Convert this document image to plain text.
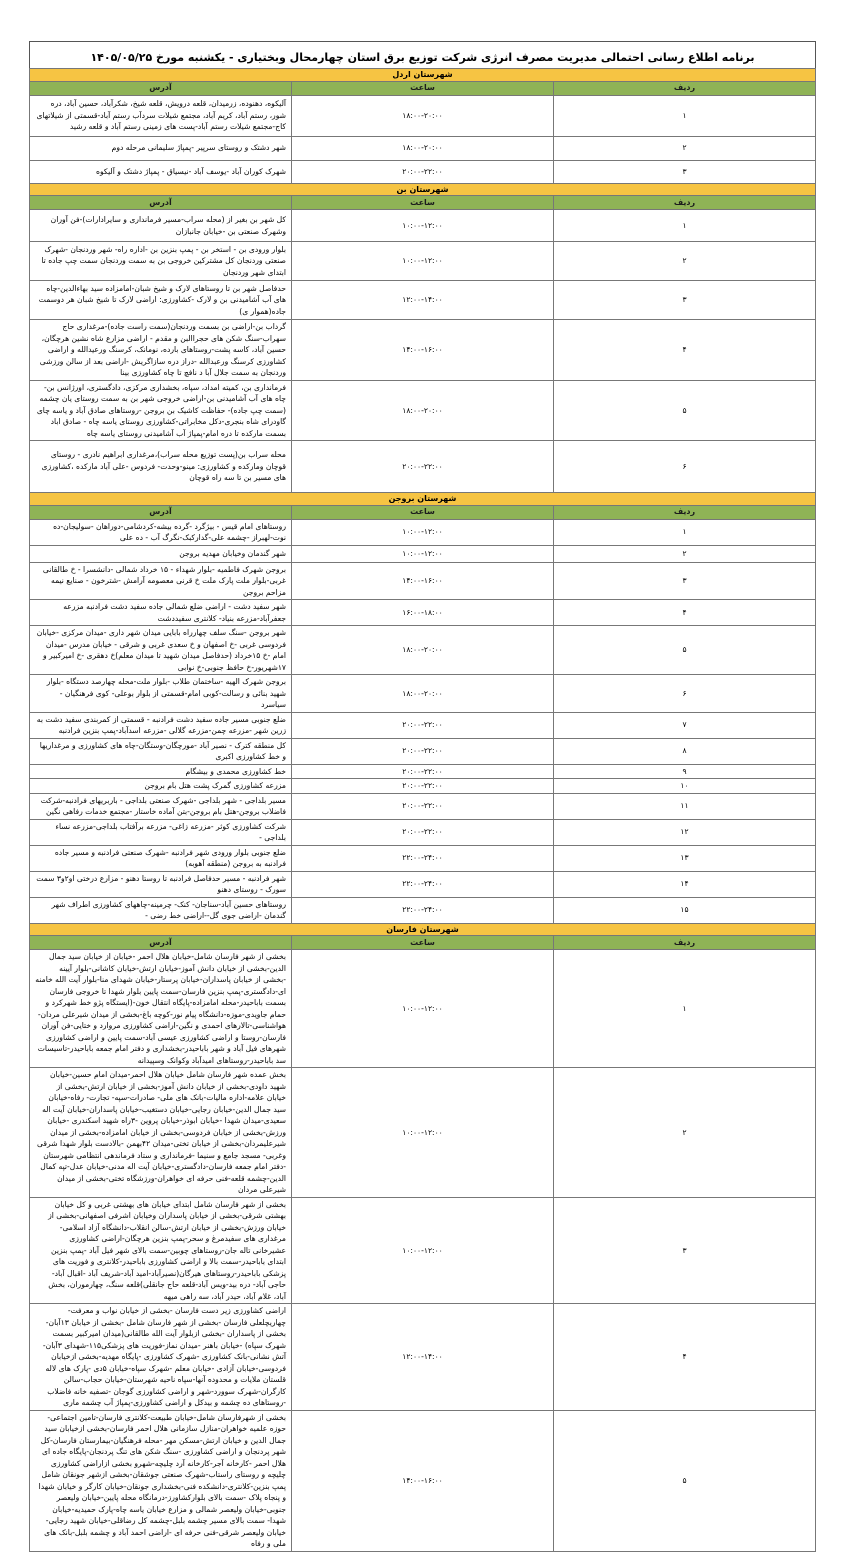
برنامه اطلاع رسانی احتمالی مدیریت مصرف انرژی شرکت توزیع برق استان چهارمحال وبختیاری - یکشنبه مورخ ۱۴۰۵/۰۵/۲۵
شهرستان اردل		
ردیف	ساعت	آدرس
۱	۱۸:۰۰-۲۰:۰۰	آلیکوه، دهنوده، زرمیدان، قلعه درویش، قلعه شیخ، شکرآباد، حسین آباد، دره شور، رستم آباد، کریم آباد، مجتمع شیلات سردآب رستم آباد-قسمتی از شیلاتهای کاج-مجتمع شیلات رستم آباد-پست های زمینی رستم آباد و قلعه رشید
۲	۱۸:۰۰-۲۰:۰۰	شهر دشتک و روستای سرپیر -پمپاژ سلیمانی مرحله دوم
۳	۲۰:۰۰-۲۲:۰۰	شهرک کوران آباد -یوسف آباد -نیسیاق - پمپاژ دشتک و آلیکوه
شهرستان بن		
ردیف	ساعت	آدرس
۱	۱۰:۰۰-۱۲:۰۰	کل شهر بن بغیر از (محله سراب-مسیر فرمانداری و سایرادارات)-فن آوران وشهرک صنعتی بن -خیابان جانبازان
۲	۱۰:۰۰-۱۲:۰۰	بلوار ورودی بن - استخر بن - پمپ بنزین بن -اداره راه- شهر وردنجان -شهرک صنعتی وردنجان کل مشترکین خروجی بن به سمت وردنجان سمت چپ جاده تا ابتدای شهر وردنجان
۳	۱۲:۰۰-۱۴:۰۰	حدفاصل شهر بن تا روستاهای لارک و شیخ شبان-امامزاده سید بهاءالدین-چاه های آب آشامیدنی بن و لارک -کشاورزی: اراضی لارک تا شیخ شبان هر دوسمت جاده(هموار ی)
۴	۱۴:۰۰-۱۶:۰۰	گرداب بن-اراضی بن بسمت وردنجان(سمت راست جاده)-مرغداری حاج سهراب-سنگ شکن های حجراالبن و مقدم - اراضی مزارع شاه نشین هرچگان، حسین آباد، کاسه پشت-روستاهای بارده، نومانک، کرسنگ ورعیدالله و اراضی کشاورزی کرسنگ ورعبدالله -دراز دره سازاگریش -اراضی بعد از سالن ورزشی وردنجان به سمت جلال آبا د نافچ تا چاه کشاورزی بینا
۵	۱۸:۰۰-۲۰:۰۰	فرمانداری بن، کمیته امداد، سپاه، بخشداری مرکزی، دادگستری، اورژانس بن- چاه های آب آشامیدنی بن-اراضی خروجی شهر بن به سمت روستای یان چشمه (سمت چپ جاده)- حفاظت کاشیک بن بروجن -روستاهای صادق آباد و یاسه چای گاودرای شاه بنجری-دکل مخابراتی-کشاورزی روستای یاسه چاه - صادق اباد بسمت مارکده تا دره امام-پمپاژ آب آشامیدنی روستای یاسه چاه
۶	۲۰:۰۰-۲۲:۰۰	محله سراب بن(پست توزیع محله سراب)،مرغداری ابراهیم نادری - روستای قوچان ومارکده و کشاورزی: مینو-وحدت- فردوس -علی آباد مارکده ،کشاورزی های مسیر بن تا سه راه قوچان
شهرستان بروجن		
ردیف	ساعت	آدرس
۱	۱۰:۰۰-۱۲:۰۰	روستاهای امام قیس - بیژگرد -گرده بیشه-کردشامی-دوراهان -سولیجان-ده نوت-لهبراز -چشمه علی-گدارکبک-نگرگ آب - ده علی
۲	۱۰:۰۰-۱۲:۰۰	شهر گندمان وخیابان مهدیه بروجن
۳	۱۴:۰۰-۱۶:۰۰	بروجن شهرک فاطمیه -بلوار شهداء - ۱۵ خرداد شمالی -دانشسرا - خ طالقانی غربی-بلوار ملت پارک ملت خ قرنی معصومه آرامش -شترخون - صنایع نیمه مزاحم بروجن
۴	۱۶:۰۰-۱۸:۰۰	شهر سفید دشت - اراضی ضلع شمالی جاده سفید دشت فرادنبه مزرعه جعفرآباد-مزرعه بنیاد- کلانتری سفیددشت
۵	۱۸:۰۰-۲۰:۰۰	شهر بروجن -سنگ سلف چهارراه بابایی میدان شهر داری -میدان مرکزی -خیابان فردوسی غربی -خ اصفهان و خ سعدی غربی و شرقی - خیابان مدرس -میدان امام -خ ۱۵خرداد (حدفاصل میدان شهید تا میدان معلم)خ دهقری -خ امیرکبیر و ۱۷شهریور-خ حافظ جنوبی-خ نوابی
۶	۱۸:۰۰-۲۰:۰۰	بروجن شهرک الهیه -ساختمان طلاب -بلوار ملت-محله چهارصد دستگاه -بلوار شهید بنائی و رسالت-کوبی امام-قسمتی از بلوار بوعلی- کوی فرهنگیان - سیاسرد
۷	۲۰:۰۰-۲۲:۰۰	ضلع جنوبی مسیر جاده سفید دشت فرادنبه - قسمتی از کمربندی سفید دشت به زرین شهر -مزرعه چمن-مزرعه گلالی -مزرعه اسدآباد-پمپ بنزین فرادنبه
۸	۲۰:۰۰-۲۲:۰۰	کل منطقه کترک - نصیر آباد -مورچگان-وستگان-چاه های کشاورزی و مرغداریها و خط کشاورزی اکبری
۹	۲۰:۰۰-۲۲:۰۰	خط کشاورزی محمدی و بیشگام
۱۰	۲۰:۰۰-۲۲:۰۰	مزرعه کشاورزی گمرک پشت هتل بام بروجن
۱۱	۲۰:۰۰-۲۲:۰۰	مسیر بلداجی - شهر بلداجی -شهرک صنعتی بلداجی - باربریهای فرادنبه-شرکت فاضلاب بروجن-هتل بام بروجن-بتن آماده خاستار -مجتمع خدمات رفاهی نگین
۱۲	۲۰:۰۰-۲۲:۰۰	شرکت کشاورزی کوثر -مزرعه زاغی- مزرعه برآفتاب بلداجی-مزرعه نساء بلداجی -
۱۳	۲۲:۰۰-۲۴:۰۰	ضلع جنوبی بلوار ورودی شهر فرادنبه -شهرک صنعتی فرادنبه و مسیر جاده فرادنبه به بروجن (منطقه آهوبه)
۱۴	۲۲:۰۰-۲۴:۰۰	شهر فرادنبه - مسیر حدفاصل فرادنبه تا روستا دهنو - مزارع درختی او۲و۳ سمت سورک - روستای دهنو
۱۵	۲۲:۰۰-۲۴:۰۰	روستاهای حسین آباد-سناجان- کنک- چرمینه-چاههای کشاورزی اطراف شهر گندمان -اراضی جوی گل--اراضی خط رضی -
شهرستان فارسان		
ردیف	ساعت	آدرس
۱	۱۰:۰۰-۱۲:۰۰	بخشی از شهر فارسان شامل-خیابان هلال احمر -خیابان از خیابان سید جمال الدین-بخشی از خیابان دانش آموز-خیابان ارتش-خیابان کاشانی-بلوار آیینه -بخشی از خیابان پاسداران-خیابان پرستار-خیابان شهدای منا-بلوار آیت الله خامنه ای-دادگستری-پمپ بنزین فارسان-سمت پایین بلوار شهدا تا خروجی فارسان بسمت باباحیدر-محله امامزاده-پایگاه انتقال خون-(ایستگاه پژو خط شهرکرد و حمام جاویدی-موزه-دانشگاه پیام نور-کوچه باغ-بخشی از میدان شیرعلی مردان-هواشناسی-تالارهای احمدی و نگین-اراضی کشاورزی مروارد و ختایی-فن آوران فارسان-روستا و اراضی کشاورزی عیسی آباد-سمت پایین و اراضی کشاورزی شهرهای فیل آباد و شهر باباحیدر-بخشداری و دفتر امام جمعه باباحیدر-تاسیسات سد باباحیدر-روستاهای امیدآباد وکوانک وسپیدانه
۲	۱۰:۰۰-۱۲:۰۰	بخش عمده شهر فارسان شامل خیابان هلال احمر-میدان امام حسین-خیابان شهید داودی-بخشی از خیابان دانش آموز-بخشی از خیابان ارتش-بخشی از خیابان علامه-اداره مالیات-بانک های ملی- صادرات-سپه- تجارت- رفاه-خیابان سید جمال الدین-خیابان رجایی-خیابان دستغیب-خیابان پاسداران-خیابان آیت اله سعیدی-میدان شهدا -خیابان ابوذر-خیابان پروین -۳راه شهید اسکندری -خیابان ورزش-بخشی از خیابان فردوسی-بخشی از خیابان امامزاده-بخشی از میدان شیرعلیمردان-بخشی از خیابان تختی-میدان ۴۲بهمن -بالادست بلوار شهدا شرقی وغربی- مسجد جامع و سنیما -فرمانداری و ستاد فرماندهی انتظامی شهرستان -دفتر امام جمعه فارسان-دادگستری-خیابان آیت اله مدنی-خیابان عدل-تپه کمال الدین-چشمه قلعه-فنی حرفه ای خواهران-ورزشگاه تختی-بخشی از میدان شیرعلی مردان
۳	۱۰:۰۰-۱۲:۰۰	بخشی از شهر فارسان شامل ابتدای خیابان های بهشتی غربی و کل خیابان بهشتی شرقی-بخشی از خیابان پاسداران وخیابان اشرفی اصفهانی-بخشی از خیابان ورزش-بخشی از خیابان ارتش-سالن انقلاب-دانشگاه آزاد اسلامی-مرغداری های سفیدمرغ و سحر-پمپ بنزین هرچگان-اراضی کشاورزی عشیرخانی تاله جان-روستاهای چوبین-سمت بالای شهر فیل آباد -پمپ بنزین ابتدای باباحیدر-سمت بالا و اراضی کشاورزی باباحیدر-کلانتری و فوریت های پزشکی باباحیدر-روستاهای هیرگان(نصیرآباد-امید آباد-شریف آباد -اقبال آباد-حاجی آباد- دره بید-ویس آباد-قلعه حاج جانقلی)قلعه سنگ، چهارموران، بخش آباد، غلام آباد، حیدر آباد، سه راهی میهه
۴	۱۲:۰۰-۱۴:۰۰	اراضی کشاورزی زیر دست فارسان -بخشی از خیابان نواب و معرفت-چهاریچلعلی فارسان -بخشی از شهر فارسان شامل -بخشی از خیابان ۱۳آبان-بخشی از پاسداران -بخشی ازبلوار آیت الله طالقانی(میدان امیرکبیر بسمت شهرک سپاه) -خیابان باهنر -میدان نماز-فوریت های پزشکی۱۱۵-شهدای ۳آبان-آتش نشانی-بانک کشاورزی -شهرک کشاورزی -پایگاه مهدیه-بخشی ازخیابان فردوسی-خیابان آزادی -خیابان معلم -شهرک سپاه-خیابان ۵دی -پارک های لاله قلستان ملایات و محدوده آنها-سپاه ناحیه شهرستان-خیابان حجاب-سالن کارگران-شهرک سوورد-شهر و اراضی کشاورزی گوجان -تصفیه خانه فاضلاب -روستاهای ده چشمه و بیدکل و اراضی کشاورزی-پمپاژ آب چشمه ماری
۵	۱۴:۰۰-۱۶:۰۰	بخشی از شهرفارسان شامل-خیابان طبیعت-کلانتری فارسان-تامین اجتماعی-حوزه علمیه خواهران-منازل سازمانی هلال احمر فارسان-بخشی ازخیابان سید جمال الدین و خیابان ارتش-مسکن مهر -محله فرهنگیان-بیمارستان فارسان-کل شهر پردنجان و اراضی کشاورزی -سنگ شکن های تنگ پردنجان-پایگاه جاده ای هلال احمر -کارخانه آجر-کارخانه آرد چلیچه-شهرو بخشی ازاراضی کشاورزی چلیچه و روستای راستاب-شهرک صنعتی جوشقان-بخشی ازشهر جونقان شامل پمپ بنزین-کلانتری-دانشکده فنی-بخشداری جونقان-خیابان کارگر و خیابان شهدا و پنجاه پلاک -سمت بالای بلوارکشاورز-درمانگاه محله پایین-خیابان ولیعصر جنوبی-خیابان ولیعصر شمالی و مزارع خیابان یاسه چاه-پارک حمیدیه-خیابان شهدا- سمت بالای مسیر چشمه بلبل-چشمه کل رضاقلی-خیابان شهید رجایی-خیابان ولیعصر شرقی-فنی حرفه ای -اراضی احمد آباد و چشمه بلبل-بانک های ملی و رفاه
